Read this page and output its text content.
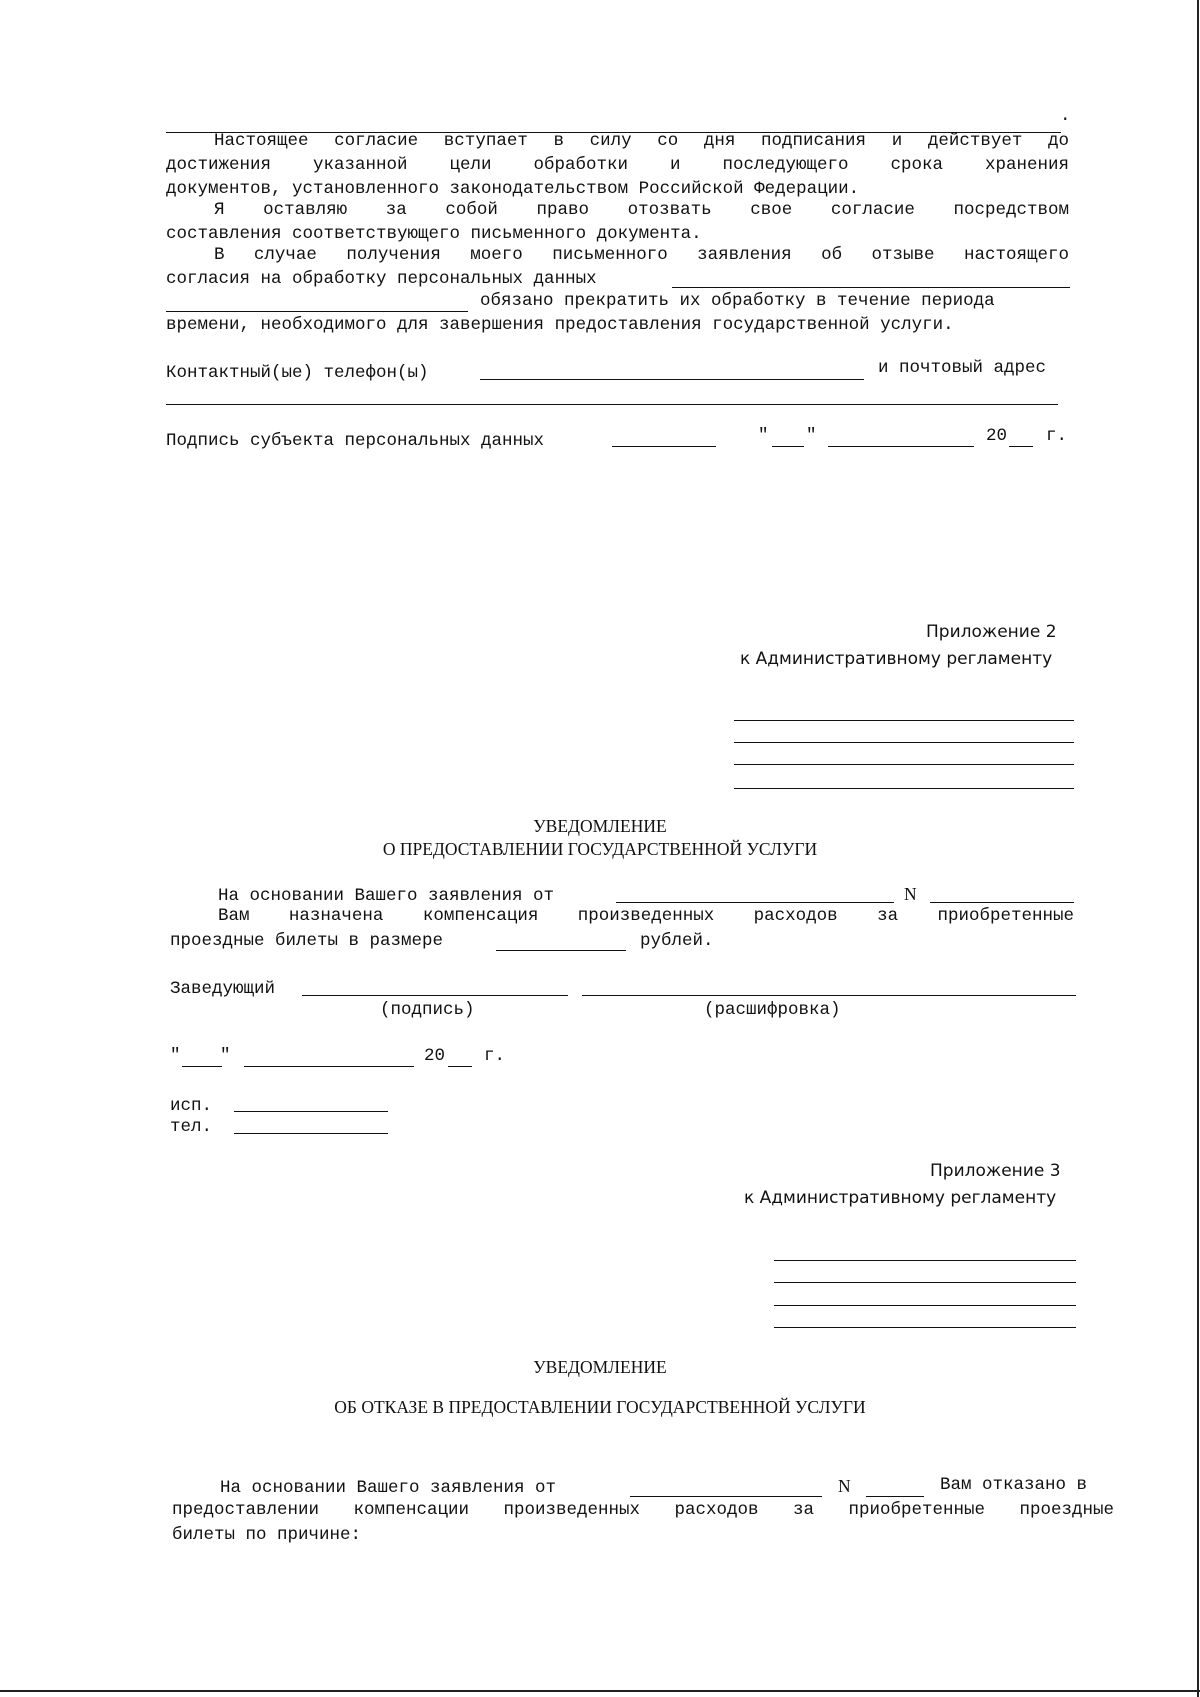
.
Настоящее согласие вступает в силу со дня подписания и действует до
достижения указанной цели обработки и последующего срока хранения
документов, установленного законодательством Российской Федерации.
Я оставляю за собой право отозвать свое согласие посредством
составления соответствующего письменного документа.
В случае получения моего письменного заявления об отзыве настоящего
согласия на обработку персональных данных
обязано прекратить их обработку в течение периода
времени, необходимого для завершения предоставления государственной услуги.
Контактный(ые) телефон(ы)	и почтовый адрес
Подпись субъекта персональных данных	" "	20 г.
Приложение 2
к Административному регламенту
УВЕДОМЛЕНИЕ
О ПРЕДОСТАВЛЕНИИ ГОСУДАРСТВЕННОЙ УСЛУГИ
На основании Вашего заявления от	N
Вам назначена компенсация произведенных расходов за приобретенные
проездные билеты в размере	рублей.
Заведующий
(подпись)	(расшифровка)
" "	20 г.
исп.
тел.
Приложение 3
к Административному регламенту
УВЕДОМЛЕНИЕ
ОБ ОТКАЗЕ В ПРЕДОСТАВЛЕНИИ ГОСУДАРСТВЕННОЙ УСЛУГИ
На основании Вашего заявления от	N	Вам отказано в
предоставлении компенсации произведенных расходов за приобретенные проездные
билеты по причине:
